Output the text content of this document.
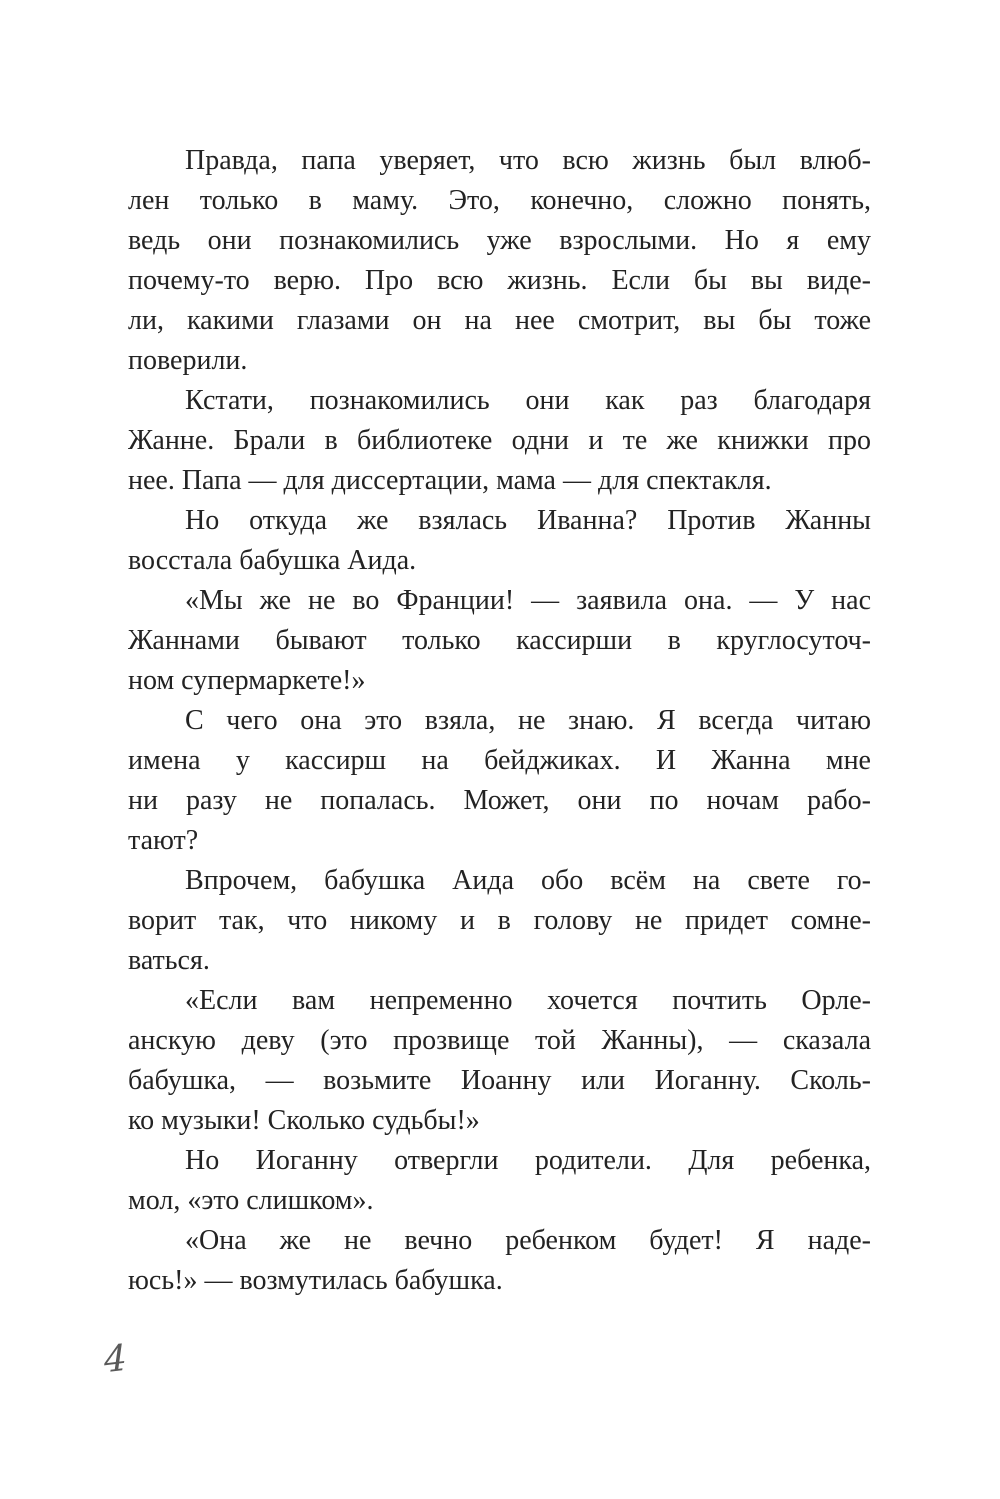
Правда, папа уверяет, что всю жизнь был влюб-
лен только в маму. Это, конечно, сложно понять,
ведь они познакомились уже взрослыми. Но я ему
почему-то верю. Про всю жизнь. Если бы вы виде-
ли, какими глазами он на нее смотрит, вы бы тоже
поверили.

Кстати, познакомились они как раз благодаря
Жанне. Брали в библиотеке одни и те же книжки про
нее. Папа — для диссертации, мама — для спектакля.

Но откуда же взялась Иванна? Против Жанны
восстала бабушка Аида.

«Мы же не во Франции! — заявила она. — У нас
Жаннами бывают только кассирши в круглосуточ-
ном супермаркете!»

С чего она это взяла, не знаю. Я всегда читаю
имена у кассирш на бейджиках. И Жанна мне
ни разу не попалась. Может, они по ночам рабо-
тают?

Впрочем, бабушка Аида обо всём на свете го-
ворит так, что никому и в голову не придет сомне-
ваться.

«Если вам непременно хочется почтить Орле-
анскую деву (это прозвище той Жанны), — сказала
бабушка, — возьмите Иоанну или Иоганну. Сколь-
ко музыки! Сколько судьбы!»

Но Иоганну отвергли родители. Для ребенка,
мол, «это слишком».

«Она же не вечно ребенком будет! Я наде-
юсь!» — возмутилась бабушка.

4
